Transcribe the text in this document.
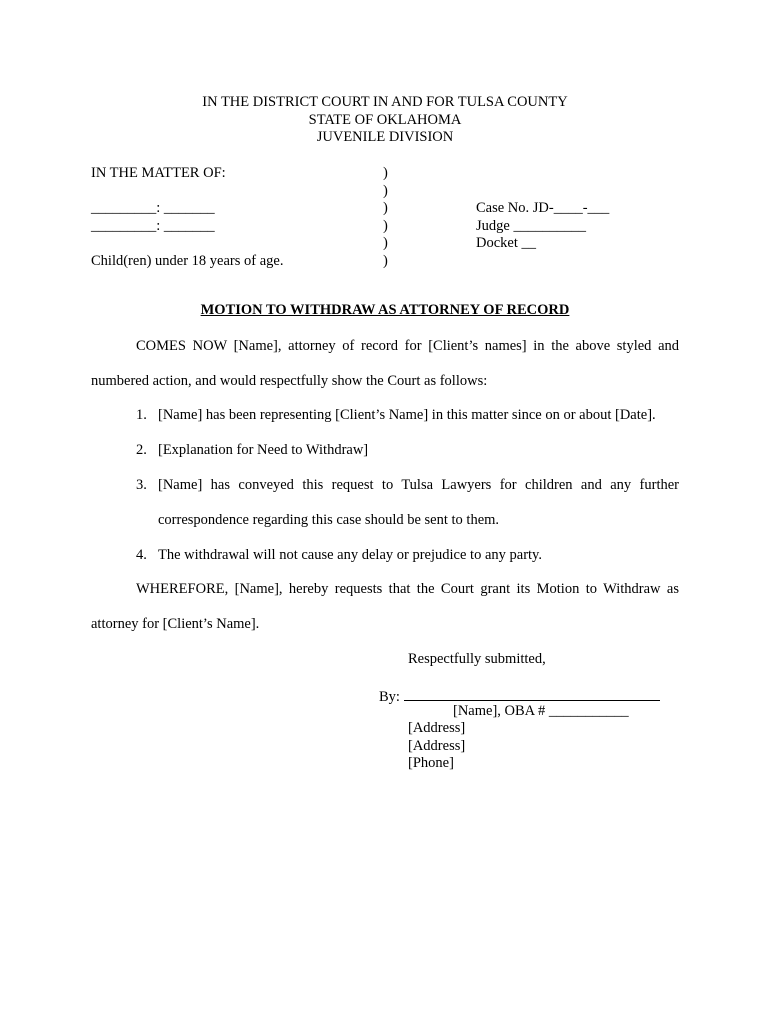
IN THE DISTRICT COURT IN AND FOR TULSA COUNTY
STATE OF OKLAHOMA
JUVENILE DIVISION
IN THE MATTER OF:
_________: _______
_________: _______
Child(ren) under 18 years of age.
)
)
)
)
)
)
Case No. JD-____-___
Judge __________
Docket __
MOTION TO WITHDRAW AS ATTORNEY OF RECORD
COMES NOW [Name], attorney of record for [Client’s names] in the above styled and numbered action, and would respectfully show the Court as follows:
1. [Name] has been representing [Client’s Name] in this matter since on or about [Date].
2. [Explanation for Need to Withdraw]
3. [Name] has conveyed this request to Tulsa Lawyers for children and any further correspondence regarding this case should be sent to them.
4. The withdrawal will not cause any delay or prejudice to any party.
WHEREFORE, [Name], hereby requests that the Court grant its Motion to Withdraw as attorney for [Client’s Name].
Respectfully submitted,
By:
[Name], OBA # ___________
[Address]
[Address]
[Phone]
